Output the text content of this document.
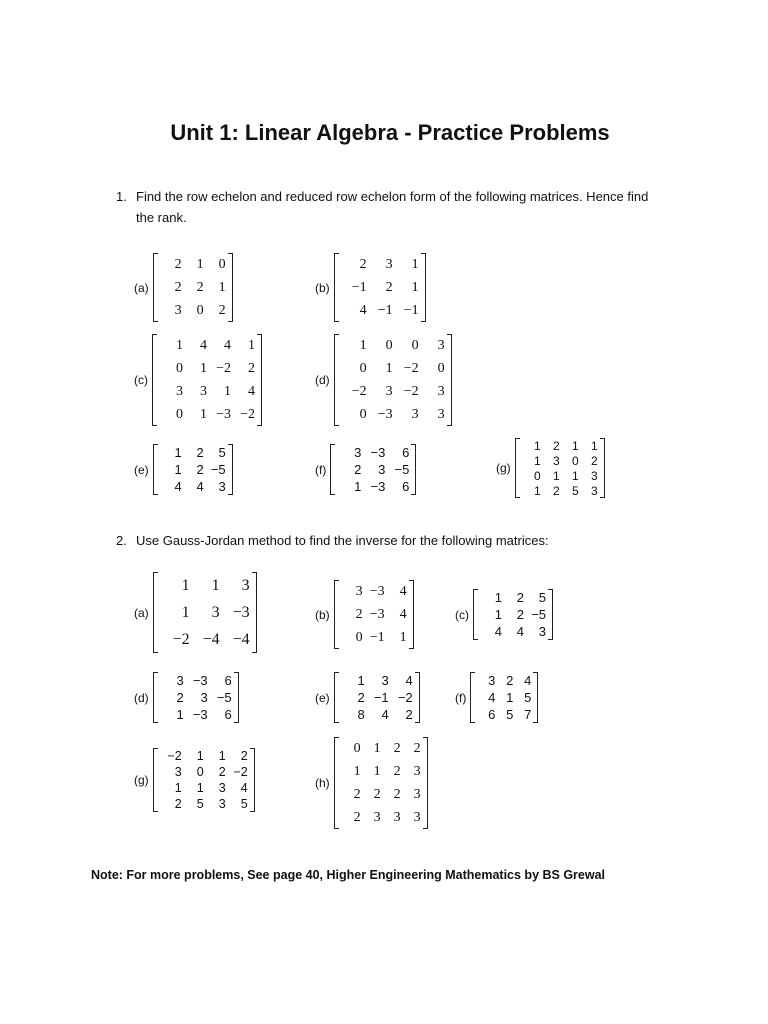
Unit 1: Linear Algebra - Practice Problems
1. Find the row echelon and reduced row echelon form of the following matrices. Hence find
the rank.
(a)
2	1	0
2	2	1
3	0	2
(b)
2	3	1
−1	2	1
4	−1	−1
(c)
1	4	4	1
0	1	−2	2
3	3	1	4
0	1	−3	−2
(d)
1	0	0	3
0	1	−2	0
−2	3	−2	3
0	−3	3	3
(e)
1	2	5
1	2	−5
4	4	3
(f)
3	−3	6
2	3	−5
1	−3	6
(g)
1	2	1	1
1	3	0	2
0	1	1	3
1	2	5	3
2. Use Gauss-Jordan method to find the inverse for the following matrices:
(a)
1	1	3
1	3	−3
−2	−4	−4
(b)
3	−3	4
2	−3	4
0	−1	1
(c)
1	2	5
1	2	−5
4	4	3
(d)
3	−3	6
2	3	−5
1	−3	6
(e)
1	3	4
2	−1	−2
8	4	2
(f)
3	2	4
4	1	5
6	5	7
(g)
−2	1	1	2
3	0	2	−2
1	1	3	4
2	5	3	5
(h)
0	1	2	2
1	1	2	3
2	2	2	3
2	3	3	3
Note: For more problems, See page 40, Higher Engineering Mathematics by BS Grewal
